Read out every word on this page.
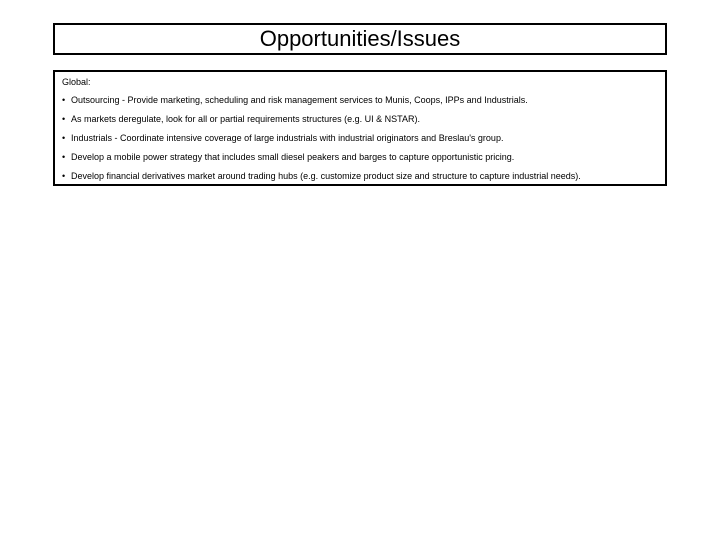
Opportunities/Issues
Global:
• Outsourcing - Provide marketing, scheduling and risk management services to Munis, Coops, IPPs and Industrials.
• As markets deregulate, look for all or partial requirements structures (e.g. UI & NSTAR).
• Industrials - Coordinate intensive coverage of large industrials with industrial originators and Breslau's group.
• Develop a mobile power strategy that includes small diesel peakers and barges to capture opportunistic pricing.
• Develop financial derivatives market around trading hubs (e.g. customize product size and structure to capture industrial needs).
